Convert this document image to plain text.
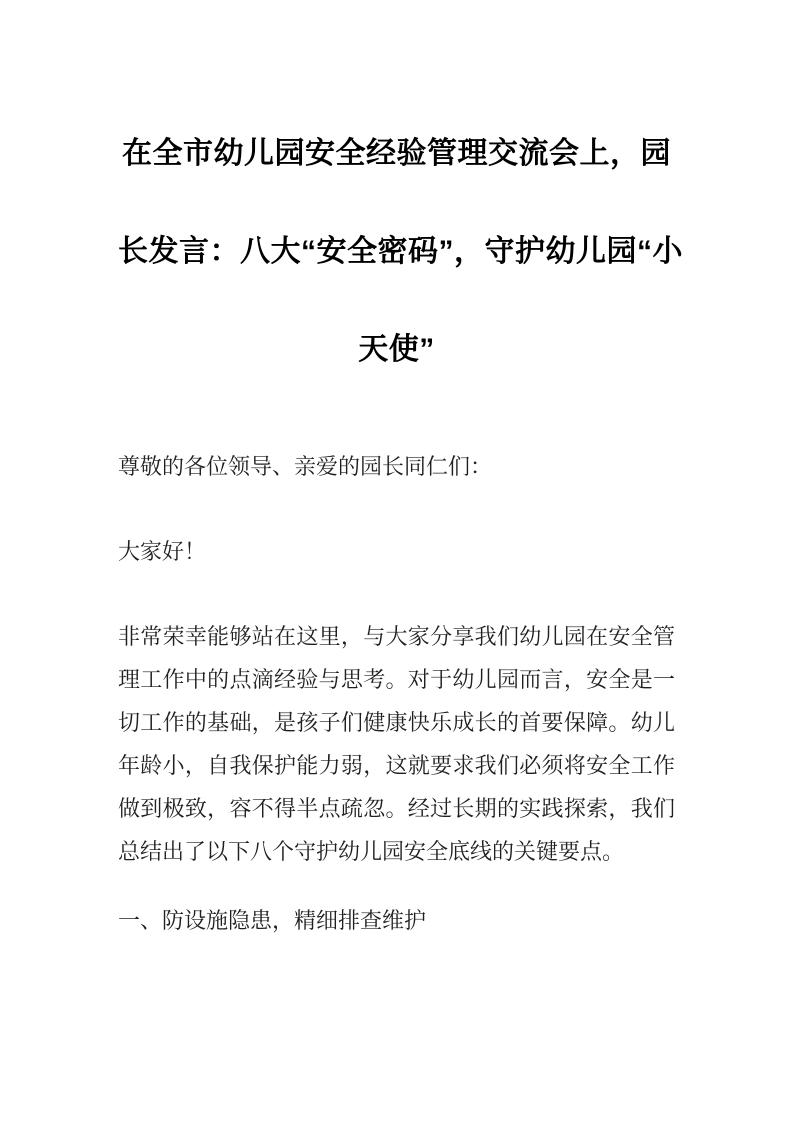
在全市幼儿园安全经验管理交流会上，园
长发言：八大“安全密码”，守护幼儿园“小
天使”

尊敬的各位领导、亲爱的园长同仁们：

大家好！

非常荣幸能够站在这里，与大家分享我们幼儿园在安全管理工作中的点滴经验与思考。对于幼儿园而言，安全是一切工作的基础，是孩子们健康快乐成长的首要保障。幼儿年龄小，自我保护能力弱，这就要求我们必须将安全工作做到极致，容不得半点疏忽。经过长期的实践探索，我们总结出了以下八个守护幼儿园安全底线的关键要点。

一、防设施隐患，精细排查维护
